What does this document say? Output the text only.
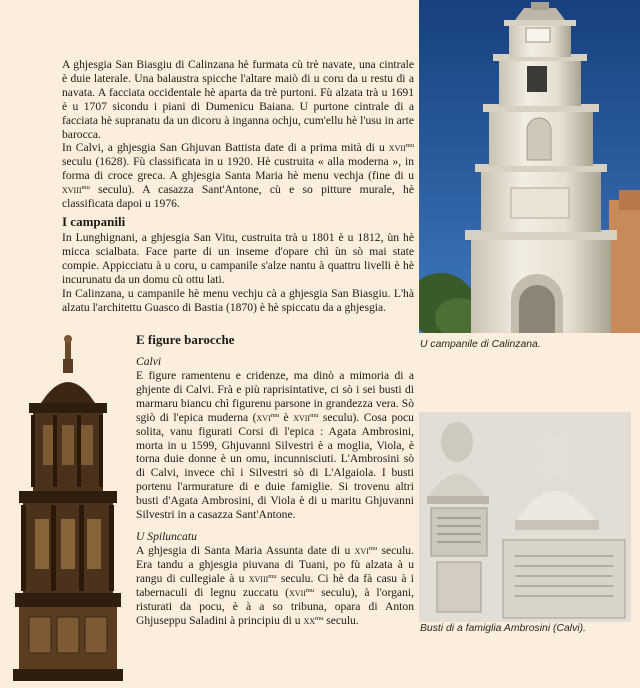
A ghjesgia San Biasgiu di Calinzana hè furmata cù trè navate, una cintrale è duie laterale. Una balaustra spicche l'altare maiò di u coru da u restu di a navata. A facciata occidentale hè aparta da trè purtoni. Fù alzata trà u 1691 è u 1707 sicondu i piani di Dumenicu Baiana. U purtone cintrale di a facciata hè supranatu da un dicoru à inganna ochju, cum'ellu hè l'usu in arte barocca.

In Calvi, a ghjesgia San Ghjuvan Battista date di a prima mità di u xvii$^{mu}$ seculu (1628). Fù classificata in u 1920. Hè custruita « alla moderna », in forma di croce greca. A ghjesgia Santa Maria hè menu vechja (fine di u xviii$^{mu}$ seculu). A casazza Sant'Antone, cù e so pitture murale, hè classificata dapoi u 1976.

I campanili

In Lunghignani, a ghjesgia San Vitu, custruita trà u 1801 è u 1812, ùn hè micca scialbata. Face parte di un inseme d'opare chì ùn sò mai state compie. Appicciatu à u coru, u campanile s'alze nantu à quattru livelli è hè incurunatu da un domu cù ottu lati.

In Calinzana, u campanile hè menu vechju cà a ghjesgia San Biasgiu. L'hà alzatu l'architettu Guasco di Bastia (1870) è hè spiccatu da a ghjesgia.

E figure barocche
Calvi

E figure ramentenu e cridenze, ma dinò a mimoria di a ghjente di Calvi. Frà e più raprisintative, ci sò i sei busti di marmaru biancu chì figurenu parsone in grandezza vera. Sò sgiò di l'epica muderna (xvi$^{mu}$ è xvii$^{mu}$ seculu). Cosa pocu solita, vanu figurati Corsi di l'epica : Agata Ambrosini, morta in u 1599, Ghjuvanni Silvestri è a moglia, Viola, è torna duie donne è un omu, incunnisciuti. L'Ambrosini sò di Calvi, invece chì i Silvestri sò di L'Algaiola. I busti portenu l'armurature di e duie famiglie. Si trovenu altri busti d'Agata Ambrosini, di Viola è di u maritu Ghjuvanni Silvestri in a casazza Sant'Antone.

U Spiluncatu

A ghjesgia di Santa Maria Assunta date di u xvi$^{mu}$ seculu. Era tandu a ghjesgia piuvana di Tuani, po fù alzata à u rangu di cullegiale à u xviii$^{mu}$ seculu. Ci hè da fà casu à i tabernaculi di legnu zuccatu (xvii$^{mu}$ seculu), à l'organi, risturati da pocu, è à a so tribuna, opara di Anton Ghjuseppu Saladini à principiu di u $xx^{mu}$ seculu.

U campanile di Calinzana.
Busti di a famiglia Ambrosini (Calvi).
